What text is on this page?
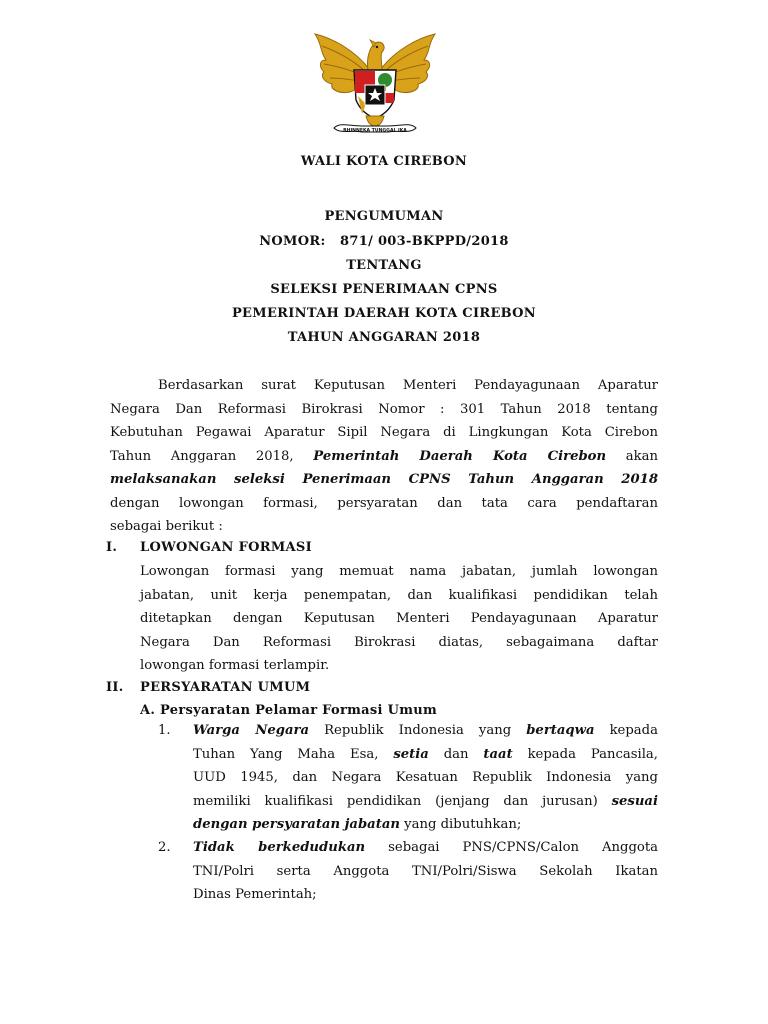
BHINNEKA TUNGGAL IKA
WALI KOTA CIREBON
PENGUMUMAN
NOMOR:   871/ 003-BKPPD/2018
TENTANG
SELEKSI PENERIMAAN CPNS
PEMERINTAH DAERAH KOTA CIREBON
TAHUN ANGGARAN 2018
Berdasarkan surat Keputusan Menteri Pendayagunaan Aparatur
Negara Dan Reformasi Birokrasi Nomor : 301 Tahun 2018 tentang
Kebutuhan Pegawai Aparatur Sipil Negara di Lingkungan Kota Cirebon
Tahun Anggaran 2018, Pemerintah Daerah Kota Cirebon akan
melaksanakan seleksi Penerimaan CPNS Tahun Anggaran 2018
dengan lowongan formasi, persyaratan dan tata cara pendaftaran
sebagai berikut :
I. LOWONGAN FORMASI
Lowongan formasi yang memuat nama jabatan, jumlah lowongan
jabatan, unit kerja penempatan, dan kualifikasi pendidikan telah
ditetapkan dengan Keputusan Menteri Pendayagunaan Aparatur
Negara Dan Reformasi Birokrasi diatas, sebagaimana daftar
lowongan formasi terlampir.
II. PERSYARATAN UMUM
A. Persyaratan Pelamar Formasi Umum
1. Warga Negara Republik Indonesia yang bertaqwa kepada
Tuhan Yang Maha Esa, setia dan taat kepada Pancasila,
UUD 1945, dan Negara Kesatuan Republik Indonesia yang
memiliki kualifikasi pendidikan (jenjang dan jurusan) sesuai
dengan persyaratan jabatan yang dibutuhkan;
2. Tidak berkedudukan sebagai PNS/CPNS/Calon Anggota
TNI/Polri serta Anggota TNI/Polri/Siswa Sekolah Ikatan
Dinas Pemerintah;
